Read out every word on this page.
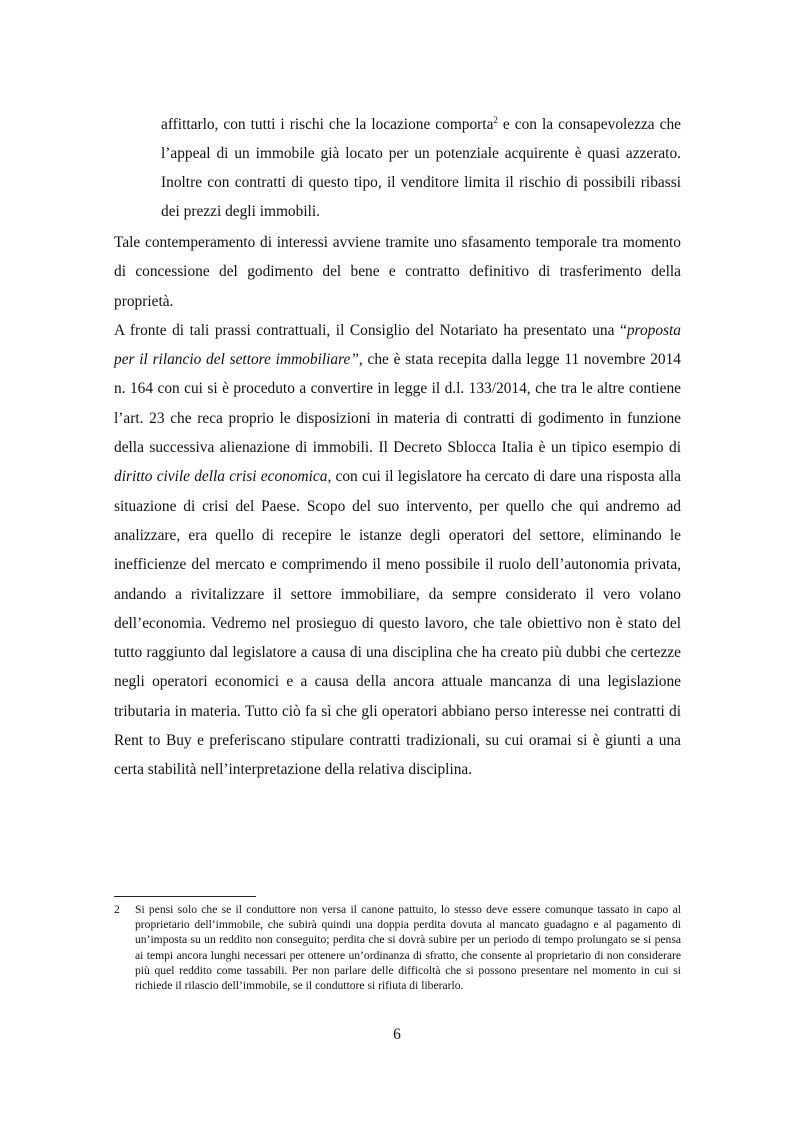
affittarlo, con tutti i rischi che la locazione comporta$^2$ e con la consapevolezza che l’appeal di un immobile già locato per un potenziale acquirente è quasi azzerato. Inoltre con contratti di questo tipo, il venditore limita il rischio di possibili ribassi dei prezzi degli immobili.

Tale contemperamento di interessi avviene tramite uno sfasamento temporale tra momento di concessione del godimento del bene e contratto definitivo di trasferimento della proprietà.

A fronte di tali prassi contrattuali, il Consiglio del Notariato ha presentato una “proposta per il rilancio del settore immobiliare”, che è stata recepita dalla legge 11 novembre 2014 n. 164 con cui si è proceduto a convertire in legge il d.l. 133/2014, che tra le altre contiene l’art. 23 che reca proprio le disposizioni in materia di contratti di godimento in funzione della successiva alienazione di immobili. Il Decreto Sblocca Italia è un tipico esempio di diritto civile della crisi economica, con cui il legislatore ha cercato di dare una risposta alla situazione di crisi del Paese. Scopo del suo intervento, per quello che qui andremo ad analizzare, era quello di recepire le istanze degli operatori del settore, eliminando le inefficienze del mercato e comprimendo il meno possibile il ruolo dell’autonomia privata, andando a rivitalizzare il settore immobiliare, da sempre considerato il vero volano dell’economia. Vedremo nel prosieguo di questo lavoro, che tale obiettivo non è stato del tutto raggiunto dal legislatore a causa di una disciplina che ha creato più dubbi che certezze negli operatori economici e a causa della ancora attuale mancanza di una legislazione tributaria in materia. Tutto ciò fa sì che gli operatori abbiano perso interesse nei contratti di Rent to Buy e preferiscano stipulare contratti tradizionali, su cui oramai si è giunti a una certa stabilità nell’interpretazione della relativa disciplina.

2 Si pensi solo che se il conduttore non versa il canone pattuito, lo stesso deve essere comunque tassato in capo al proprietario dell’immobile, che subirà quindi una doppia perdita dovuta al mancato guadagno e al pagamento di un’imposta su un reddito non conseguito; perdita che si dovrà subire per un periodo di tempo prolungato se si pensa ai tempi ancora lunghi necessari per ottenere un’ordinanza di sfratto, che consente al proprietario di non considerare più quel reddito come tassabili. Per non parlare delle difficoltà che si possono presentare nel momento in cui si richiede il rilascio dell’immobile, se il conduttore si rifiuta di liberarlo.
6
